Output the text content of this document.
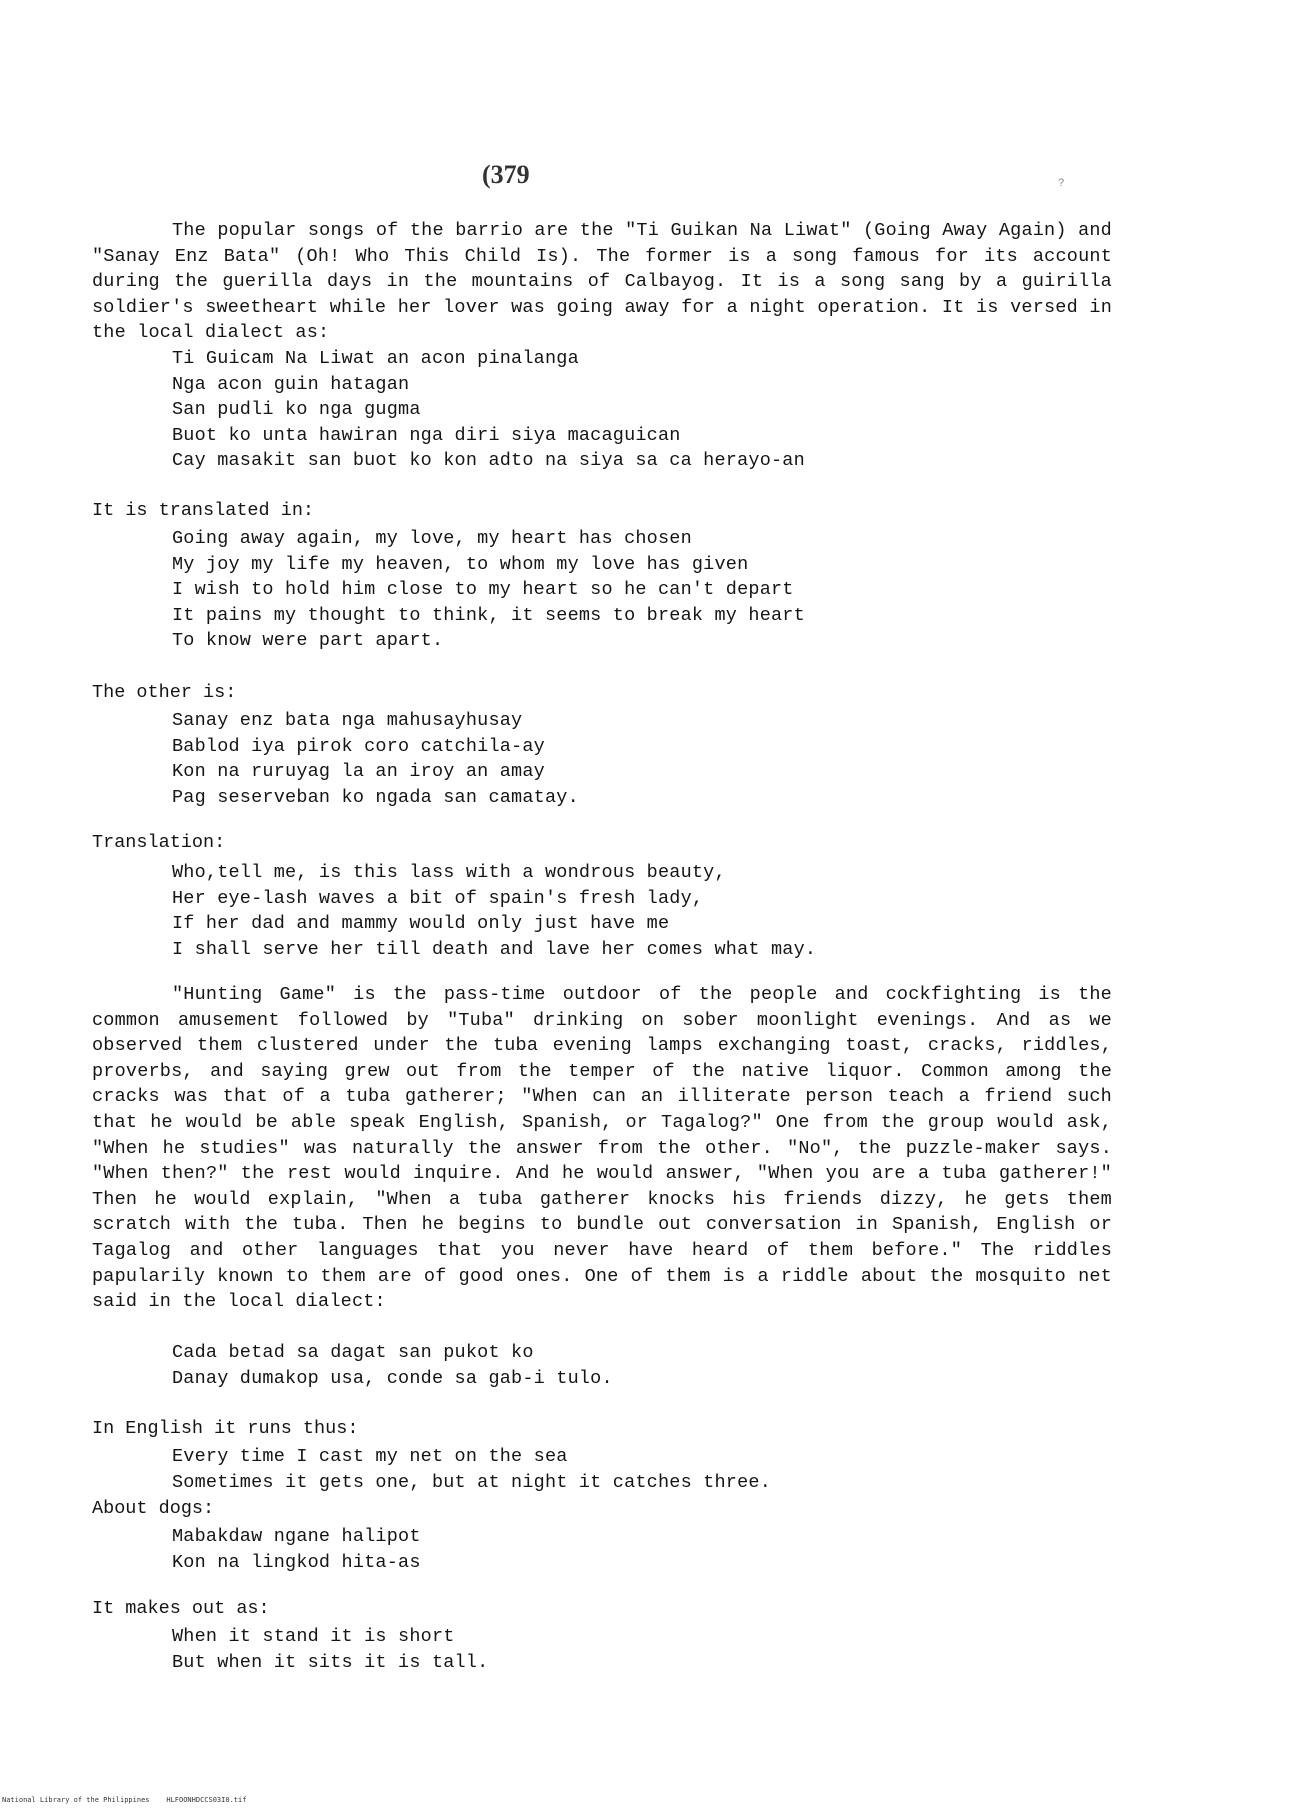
(379	?

The popular songs of the barrio are the "Ti Guikan Na Liwat" (Going Away Again) and "Sanay Enz Bata" (Oh! Who This Child Is). The former is a song famous for its account during the guerilla days in the mountains of Calbayog. It is a song sang by a guirilla soldier's sweetheart while her lover was going away for a night operation. It is versed in the local dialect as:

Ti Guicam Na Liwat an acon pinalanga
Nga acon guin hatagan
San pudli ko nga gugma
Buot ko unta hawiran nga diri siya macaguican
Cay masakit san buot ko kon adto na siya sa ca herayo-an
It is translated in:
Going away again, my love, my heart has chosen
My joy my life my heaven, to whom my love has given
I wish to hold him close to my heart so he can't depart
It pains my thought to think, it seems to break my heart
To know were part apart.
The other is:
Sanay enz bata nga mahusayhusay
Bablod iya pirok coro catchila-ay
Kon na ruruyag la an iroy an amay
Pag seserveban ko ngada san camatay.
Translation:
Who,tell me, is this lass with a wondrous beauty,
Her eye-lash waves a bit of spain's fresh lady,
If her dad and mammy would only just have me
I shall serve her till death and lave her comes what may.

"Hunting Game" is the pass-time outdoor of the people and cockfighting is the common amusement followed by "Tuba" drinking on sober moonlight evenings. And as we observed them clustered under the tuba evening lamps exchanging toast, cracks, riddles, proverbs, and saying grew out from the temper of the native liquor. Common among the cracks was that of a tuba gatherer; "When can an illiterate person teach a friend such that he would be able speak English, Spanish, or Tagalog?" One from the group would ask, "When he studies" was naturally the answer from the other. "No", the puzzle-maker says. "When then?" the rest would inquire. And he would answer, "When you are a tuba gatherer!" Then he would explain, "When a tuba gatherer knocks his friends dizzy, he gets them scratch with the tuba. Then he begins to bundle out conversation in Spanish, English or Tagalog and other languages that you never have heard of them before." The riddles papularily known to them are of good ones. One of them is a riddle about the mosquito net said in the local dialect:

Cada betad sa dagat san pukot ko
Danay dumakop usa, conde sa gab-i tulo.
In English it runs thus:
Every time I cast my net on the sea
Sometimes it gets one, but at night it catches three.
About dogs:
Mabakdaw ngane halipot
Kon na lingkod hita-as
It makes out as:
When it stand it is short
But when it sits it is tall.
National Library of the Philippines    HLFOONHDCCS03I0.tif
